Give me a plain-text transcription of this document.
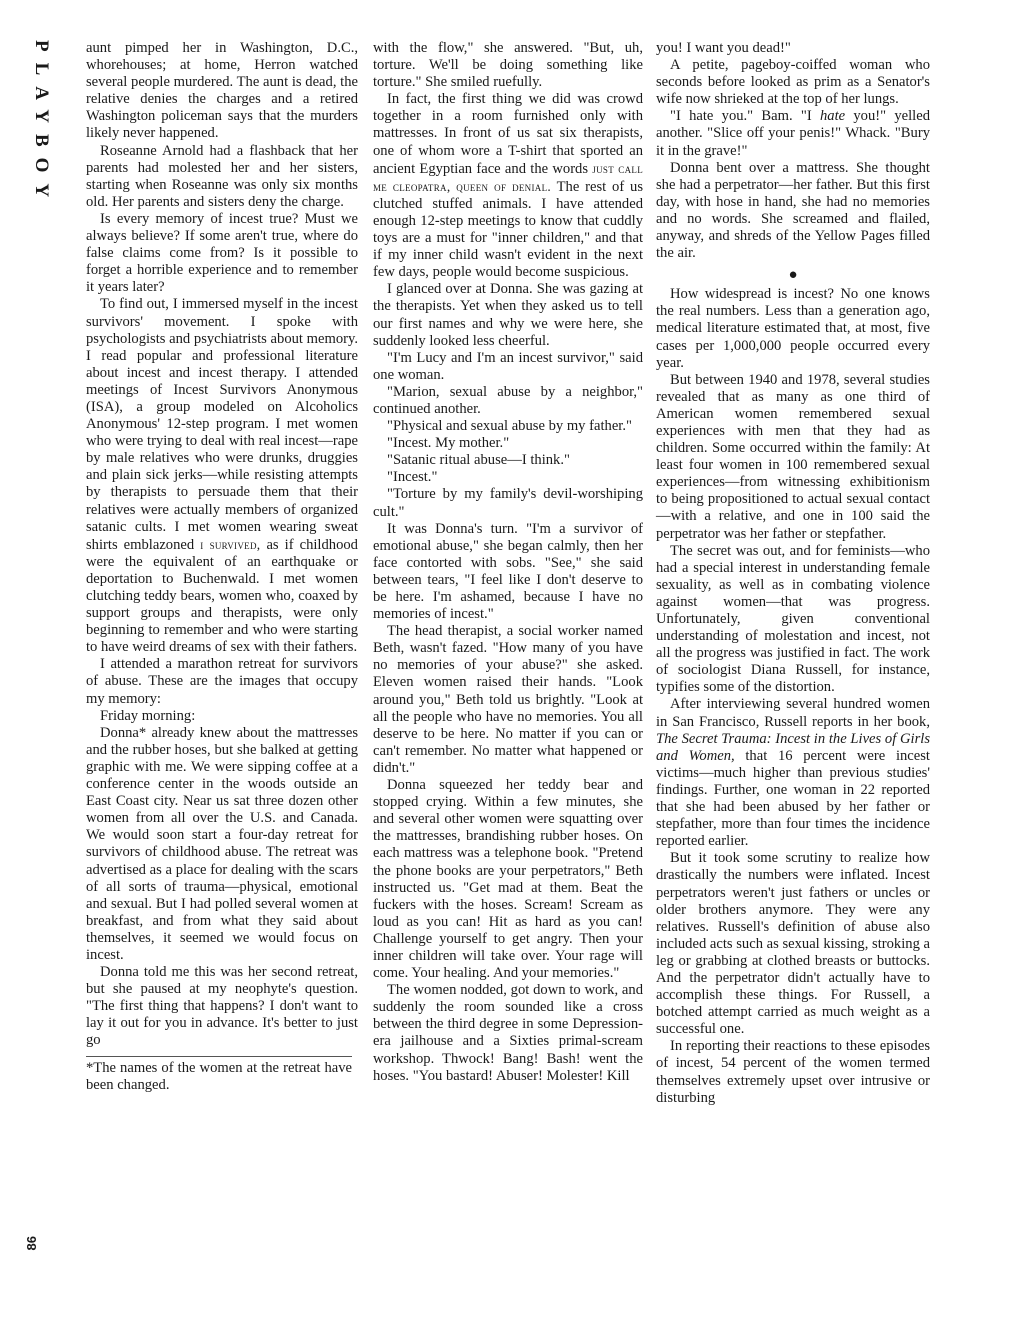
PLAYBOY
86

aunt pimped her in Washington, D.C., whorehouses; at home, Herron watched several people murdered. The aunt is dead, the relative denies the charges and a retired Washington policeman says that the murders likely never happened.

Roseanne Arnold had a flashback that her parents had molested her and her sisters, starting when Roseanne was only six months old. Her parents and sisters deny the charge.

Is every memory of incest true? Must we always believe? If some aren't true, where do false claims come from? Is it possible to forget a horrible experience and to remember it years later?

To find out, I immersed myself in the incest survivors' movement. I spoke with psychologists and psychiatrists about memory. I read popular and professional literature about incest and incest therapy. I attended meetings of Incest Survivors Anonymous (ISA), a group modeled on Alcoholics Anonymous' 12-step program. I met women who were trying to deal with real incest—rape by male relatives who were drunks, druggies and plain sick jerks—while resisting attempts by therapists to persuade them that their relatives were actually members of organized satanic cults. I met women wearing sweat shirts emblazoned i survived, as if childhood were the equivalent of an earthquake or deportation to Buchenwald. I met women clutching teddy bears, women who, coaxed by support groups and therapists, were only beginning to remember and who were starting to have weird dreams of sex with their fathers.

I attended a marathon retreat for survivors of abuse. These are the images that occupy my memory:

Friday morning:

Donna* already knew about the mattresses and the rubber hoses, but she balked at getting graphic with me. We were sipping coffee at a conference center in the woods outside an East Coast city. Near us sat three dozen other women from all over the U.S. and Canada. We would soon start a four-day retreat for survivors of childhood abuse. The retreat was advertised as a place for dealing with the scars of all sorts of trauma—physical, emotional and sexual. But I had polled several women at breakfast, and from what they said about themselves, it seemed we would focus on incest.

Donna told me this was her second retreat, but she paused at my neophyte's question. "The first thing that happens? I don't want to lay it out for you in advance. It's better to just go

*The names of the women at the retreat have been changed.

with the flow," she answered. "But, uh, torture. We'll be doing something like torture." She smiled ruefully.

In fact, the first thing we did was crowd together in a room furnished only with mattresses. In front of us sat six therapists, one of whom wore a T-shirt that sported an ancient Egyptian face and the words just call me cleopatra, queen of denial. The rest of us clutched stuffed animals. I have attended enough 12-step meetings to know that cuddly toys are a must for "inner children," and that if my inner child wasn't evident in the next few days, people would become suspicious.

I glanced over at Donna. She was gazing at the therapists. Yet when they asked us to tell our first names and why we were here, she suddenly looked less cheerful.

"I'm Lucy and I'm an incest survivor," said one woman.

"Marion, sexual abuse by a neighbor," continued another.

"Physical and sexual abuse by my father."

"Incest. My mother."

"Satanic ritual abuse—I think."

"Incest."

"Torture by my family's devil-worshiping cult."

It was Donna's turn. "I'm a survivor of emotional abuse," she began calmly, then her face contorted with sobs. "See," she said between tears, "I feel like I don't deserve to be here. I'm ashamed, because I have no memories of incest."

The head therapist, a social worker named Beth, wasn't fazed. "How many of you have no memories of your abuse?" she asked. Eleven women raised their hands. "Look around you," Beth told us brightly. "Look at all the people who have no memories. You all deserve to be here. No matter if you can or can't remember. No matter what happened or didn't."

Donna squeezed her teddy bear and stopped crying. Within a few minutes, she and several other women were squatting over the mattresses, brandishing rubber hoses. On each mattress was a telephone book. "Pretend the phone books are your perpetrators," Beth instructed us. "Get mad at them. Beat the fuckers with the hoses. Scream! Scream as loud as you can! Hit as hard as you can! Challenge yourself to get angry. Then your inner children will take over. Your rage will come. Your healing. And your memories."

The women nodded, got down to work, and suddenly the room sounded like a cross between the third degree in some Depression-era jailhouse and a Sixties primal-scream workshop. Thwock! Bang! Bash! went the hoses. "You bastard! Abuser! Molester! Kill

you! I want you dead!"

A petite, pageboy-coiffed woman who seconds before looked as prim as a Senator's wife now shrieked at the top of her lungs.

"I hate you." Bam. "I hate you!" yelled another. "Slice off your penis!" Whack. "Bury it in the grave!"

Donna bent over a mattress. She thought she had a perpetrator—her father. But this first day, with hose in hand, she had no memories and no words. She screamed and flailed, anyway, and shreds of the Yellow Pages filled the air.

●

How widespread is incest? No one knows the real numbers. Less than a generation ago, medical literature estimated that, at most, five cases per 1,000,000 people occurred every year.

But between 1940 and 1978, several studies revealed that as many as one third of American women remembered sexual experiences with men that they had as children. Some occurred within the family: At least four women in 100 remembered sexual experiences—from witnessing exhibitionism to being propositioned to actual sexual contact—with a relative, and one in 100 said the perpetrator was her father or stepfather.

The secret was out, and for feminists—who had a special interest in understanding female sexuality, as well as in combating violence against women—that was progress. Unfortunately, given conventional understanding of molestation and incest, not all the progress was justified in fact. The work of sociologist Diana Russell, for instance, typifies some of the distortion.

After interviewing several hundred women in San Francisco, Russell reports in her book, The Secret Trauma: Incest in the Lives of Girls and Women, that 16 percent were incest victims—much higher than previous studies' findings. Further, one woman in 22 reported that she had been abused by her father or stepfather, more than four times the incidence reported earlier.

But it took some scrutiny to realize how drastically the numbers were inflated. Incest perpetrators weren't just fathers or uncles or older brothers anymore. They were any relatives. Russell's definition of abuse also included acts such as sexual kissing, stroking a leg or grabbing at clothed breasts or buttocks. And the perpetrator didn't actually have to accomplish these things. For Russell, a botched attempt carried as much weight as a successful one.

In reporting their reactions to these episodes of incest, 54 percent of the women termed themselves extremely upset over intrusive or disturbing
